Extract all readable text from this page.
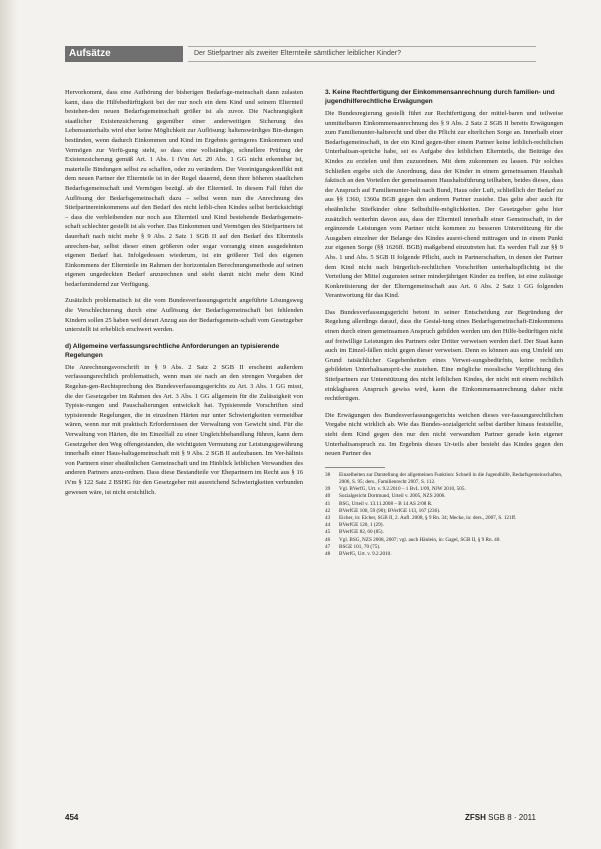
Aufsätze	Der Stiefpartner als zweiter Elternteile sämtlicher leiblicher Kinder?

Hervorkommt, dass eine Aufhörung der bisherigen Bedarfsge-meinschaft dann zulasten kann, dass die Hilfebedürftigkeit bei der nur noch ein dem Kind und seinem Elternteil bestehen-den neuen Bedarfsgemeinschaft größer ist als zuvor. Die Nachrangigkeit staatlicher Existenzsicherung gegenüber einer anderweitigen Sicherung des Lebensunterhalts wird eher keine Möglichkeit zur Auflösung: haltenswürdiges Bin-dungen bestünden, wenn dadurch Einkommen und Kind im Ergebnis geringeres Einkommen und Vermögen zur Verfü-gung steht, so dass eine vollständige, schnellere Prüfung der Existenzsicherung gemäß Art. 1 Abs. 1 iVm Art. 20 Abs. 1 GG nicht erkennbar ist, materielle Bindungen selbst zu schaffen, oder zu verändern. Der Vereinigungskonflikt mit dem neuen Partner der Elternteile ist in der Regel dauernd, denn ihrer höheren staatlichen Bedarfsgemeinschaft und Vermögen bezügl. ab der Elternteil. In diesem Fall führt die Auflösung der Bedarfsgemeinschaft dazu – selbst wenn nun die Anrechnung des Stiefpartnereinkommens auf den Bedarf des nicht leibli-chen Kindes selbst berücksichtigt – dass die verbleibenden nur noch aus Elternteil und Kind bestehende Bedarfsgemein-schaft schlechter gestellt ist als vorher. Das Einkommen und Vermögen des Stiefpartners ist dauerhaft nach nicht mehr § 9 Abs. 2 Satz 1 SGB II auf den Bedarf des Elternteils anrechen-bar, selbst dieser einen größeren oder sogar vorrangig einen ausgedehnten eigenen Bedarf hat. Infolgedessen wiederum, ist ein größerer Teil des eigenen Einkommens der Elternteile im Rahmen der horizontalen Berechnungsmethode auf seinen eigenen ungedeckten Bedarf anzurechnen und steht damit nicht mehr dem Kind bedarfsmindernd zur Verfügung.

Zusätzlich problematisch ist die vom Bundesverfassungsgericht angeführte Lösungsweg die Verschlechterung durch eine Auflösung der Bedarfsgemeinschaft bei fehlenden Kindern sollen 25 haben weil derart Anzug aus der Bedarfsgemein-schaft vom Gesetzgeber unterstellt ist erheblich erschwert werden.

d) Allgemeine verfassungsrechtliche Anforderungen an typisierende Regelungen

Die Anrechnungsvorschrift in § 9 Abs. 2 Satz 2 SGB II erscheint außerdem verfassungsrechtlich problematisch, wenn man sie nach an den strengen Vorgaben der Regelun-gen-Rechtsprechung des Bundesverfassungsgerichts zu Art. 3 Abs. 1 GG misst, die der Gesetzgeber im Rahmen des Art. 3 Abs. 1 GG allgemein für die Zulässigkeit von Typisie-rungen und Pauschalierungen entwickelt hat. Typisierende Vorschriften sind typisierende Regelungen, die in einzelnen Härten nur unter Schwierigkeiten vermeidbar wären, wenn nur mit praktisch Erfordernissen der Verwaltung von Gewicht sind. Für die Verwaltung von Härten, die im Einzelfall zu einer Ungleichbehandlung führen, kann dem Gesetzgeber den Weg offengestanden, die wichtigsten Vermutung zur Leistungsgewährung innerhalb einer Haus-haltsgemeinschaft mit § 9 Abs. 2 SGB II aufzubauen. Im Ver-hältnis von Partnern einer eheähnlichen Gemeinschaft und im Hinblick leiblichen Verwandten des anderen Partners anzu-ordnen. Dass diese Bestandteile vor Ehepartnern im Recht aus § 16 iVm § 122 Satz 2 BSHG für den Gesetzgeber mit ausreichend Schwierigkeiten verbunden gewesen wäre, ist nicht ersichtlich.

3. Keine Rechtfertigung der Einkommensanrechnung durch familien- und jugendhilferechtliche Erwägungen

Die Bundesregierung gestellt führt zur Rechtfertigung der mittel-baren und teilweise unmittelbaren Einkommensanrechnung des § 9 Abs. 2 Satz 2 SGB II bereits Erwägungen zum Familienunter-haltsrecht und über die Pflicht zur elterlichen Sorge an. Innerhalb einer Bedarfsgemeinschaft, in der ein Kind gegen-über einem Partner keine leiblich-rechtlichen Unterhaltsan-sprüche habe, sei es Aufgabe des leiblichen Elternteils, die Beiträge des Kindes zu erzielen und ihm zuzuordnen. Mit dem zukommen zu lassen. Für solches Schließen ergebe sich die Anordnung, dass der Kinder in einem gemeinsamen Haushalt faktisch an den Vorteilen der gemeinsamen Haushaltsführung teilhaben, beides dieses, dass der Anspruch auf Familienunter-halt nach Bund, Haus oder Luft, schließlich der Bedarf zu aus §§ 1360, 1360a BGB gegen den anderen Partner zustehe. Das gelte aber auch für eheähnliche Stiefkinder ohne Selbsthilfe-möglichkeiten. Der Gesetzgeber gehe hier zusätzlich weiterhin davon aus, dass der Elternteil innerhalb einer Gemeinschaft, in der ergänzende Leistungen vom Partner nicht kommen zu besseren Unterstützung für die Ausgaben einzelner der Belange des Kindes ausrei-chend mittragen und in einem Punkt zur eigenen Sorge (§§ 1626ff. BGB) maßgebend einzutreten hat. Es werden Fall zur §§ 9 Abs. 1 und Abs. 5 SGB II folgende Pflicht, auch in Partnerschaften, in denen der Partner dem Kind nicht nach bürgerlich-rechtlichen Vorschriften unterhaltspflichtig ist die Verteilung der Mittel zugunsten seiner minderjährigen Kinder zu treffen, ist eine zulässige Konkretisierung der der Elterngemeinschaft aus Art. 6 Abs. 2 Satz 1 GG folgenden Verantwortung für das Kind.

Das Bundesverfassungsgericht betont in seiner Entscheidung zur Begründung der Regelung allerdings darauf, dass die Gestal-tung eines Bedarfsgemeinschaft-Einkommens einen durch einen gemeinsamen Anspruch gebilden werden um den Hilfe-bedürftigen nicht auf freiwillige Leistungen des Partners oder Dritter verweisen werden darf. Der Staat kann auch im Einzel-fällen nicht gegen dieser verweisen. Denn es können aus eng Umfeld um Grund tatsächlicher Gegebenheiten eines Verwei-sungsbedürfnis, keine rechtlich gebildeten Unterhaltsansprü-che zustehen. Eine mögliche moralische Verpflichtung des Stiefpartners zur Unterstützung des nicht leiblichen Kindes, der nicht mit einem rechtlich einklagbaren Anspruch gewiss wird, kann die Einkommensanrechnung daher nicht rechtfertigen.

Die Erwägungen des Bundesverfassungsgerichts weichen dieses ver-fassungsrechtlichen Vorgabe nicht wirklich ab. Wie das Bundes-sozialgericht selbst darüber hinaus feststellte, steht dem Kind gegen den nur den nicht verwandten Partner gerade kein eigener Unterhaltsanspruch zu. Im Ergebnis dieses Ur-teils aber besteht das Kindes gegen den neuen Partner des

38	Einzelheiten zur Darstellung der allgemeinen Funktion: Schnell in die Jugendhilfe, Bedarfsgemeinschaften, 2006, S. 95; ders., Familienrecht 2007, S. 112.
39	Vgl. BVerfG, Urt. v. 9.2.2010 – 1 BvL 1/09, NJW 2010, 505.
40	Sozialgericht Dortmund, Urteil v. 2005, NZS 2006.
41	BSG, Urteil v. 13.11.2008 – B 14 AS 2/08 R.
42	BVerfGE 100, 59 (90); BVerfGE 113, 167 (236).
43	Eicher, in: Eicher, SGB II, 2. Aufl. 2008, § 9 Rn. 34; Mecke, in: ders., 2007, S. 121ff.
44	BVerfGE 120, 1 (29).
45	BVerfGE 82, 60 (85).
46	Vgl. BSG, NZS 2008, 2007; vgl. auch Hänlein, in: Gagel, SGB II, § 9 Rn. 40.
47	BSGE 101, 70 (75).
48	BVerfG, Urt. v. 9.2.2010.
454	ZFSH SGB 8 · 2011
